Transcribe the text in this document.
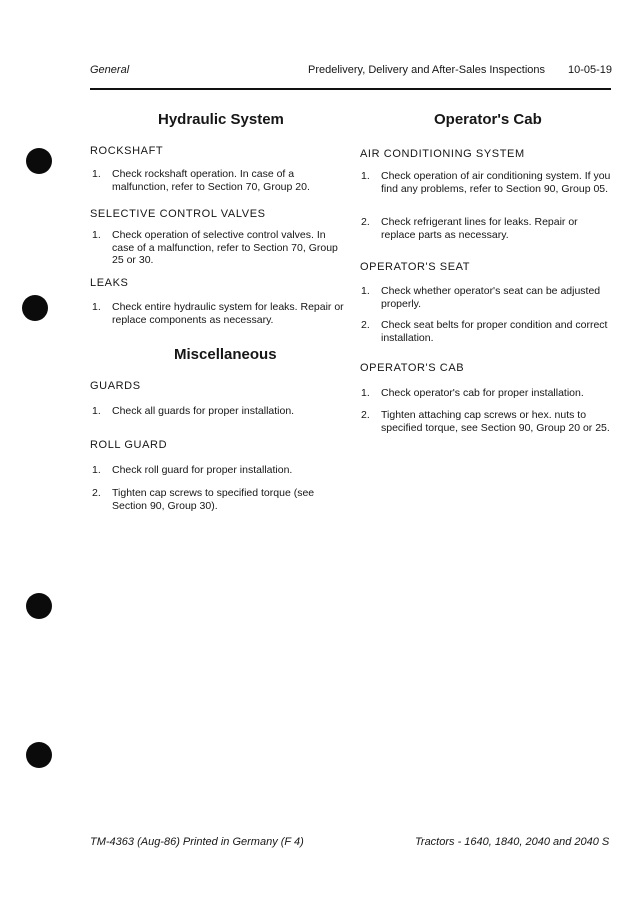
General	Predelivery, Delivery and After-Sales Inspections 10-05-19
Hydraulic System
ROCKSHAFT
1. Check rockshaft operation. In case of a malfunction, refer to Section 70, Group 20.
SELECTIVE CONTROL VALVES
1. Check operation of selective control valves. In case of a malfunction, refer to Section 70, Group 25 or 30.
LEAKS
1. Check entire hydraulic system for leaks. Repair or replace components as necessary.
Miscellaneous
GUARDS
1. Check all guards for proper installation.
ROLL GUARD
1. Check roll guard for proper installation.
2. Tighten cap screws to specified torque (see Section 90, Group 30).
Operator's Cab
AIR CONDITIONING SYSTEM
1. Check operation of air conditioning system. If you find any problems, refer to Section 90, Group 05.
2. Check refrigerant lines for leaks. Repair or replace parts as necessary.
OPERATOR'S SEAT
1. Check whether operator's seat can be adjusted properly.
2. Check seat belts for proper condition and correct installation.
OPERATOR'S CAB
1. Check operator's cab for proper installation.
2. Tighten attaching cap screws or hex. nuts to specified torque, see Section 90, Group 20 or 25.
TM-4363 (Aug-86) Printed in Germany (F 4)	Tractors - 1640, 1840, 2040 and 2040 S
